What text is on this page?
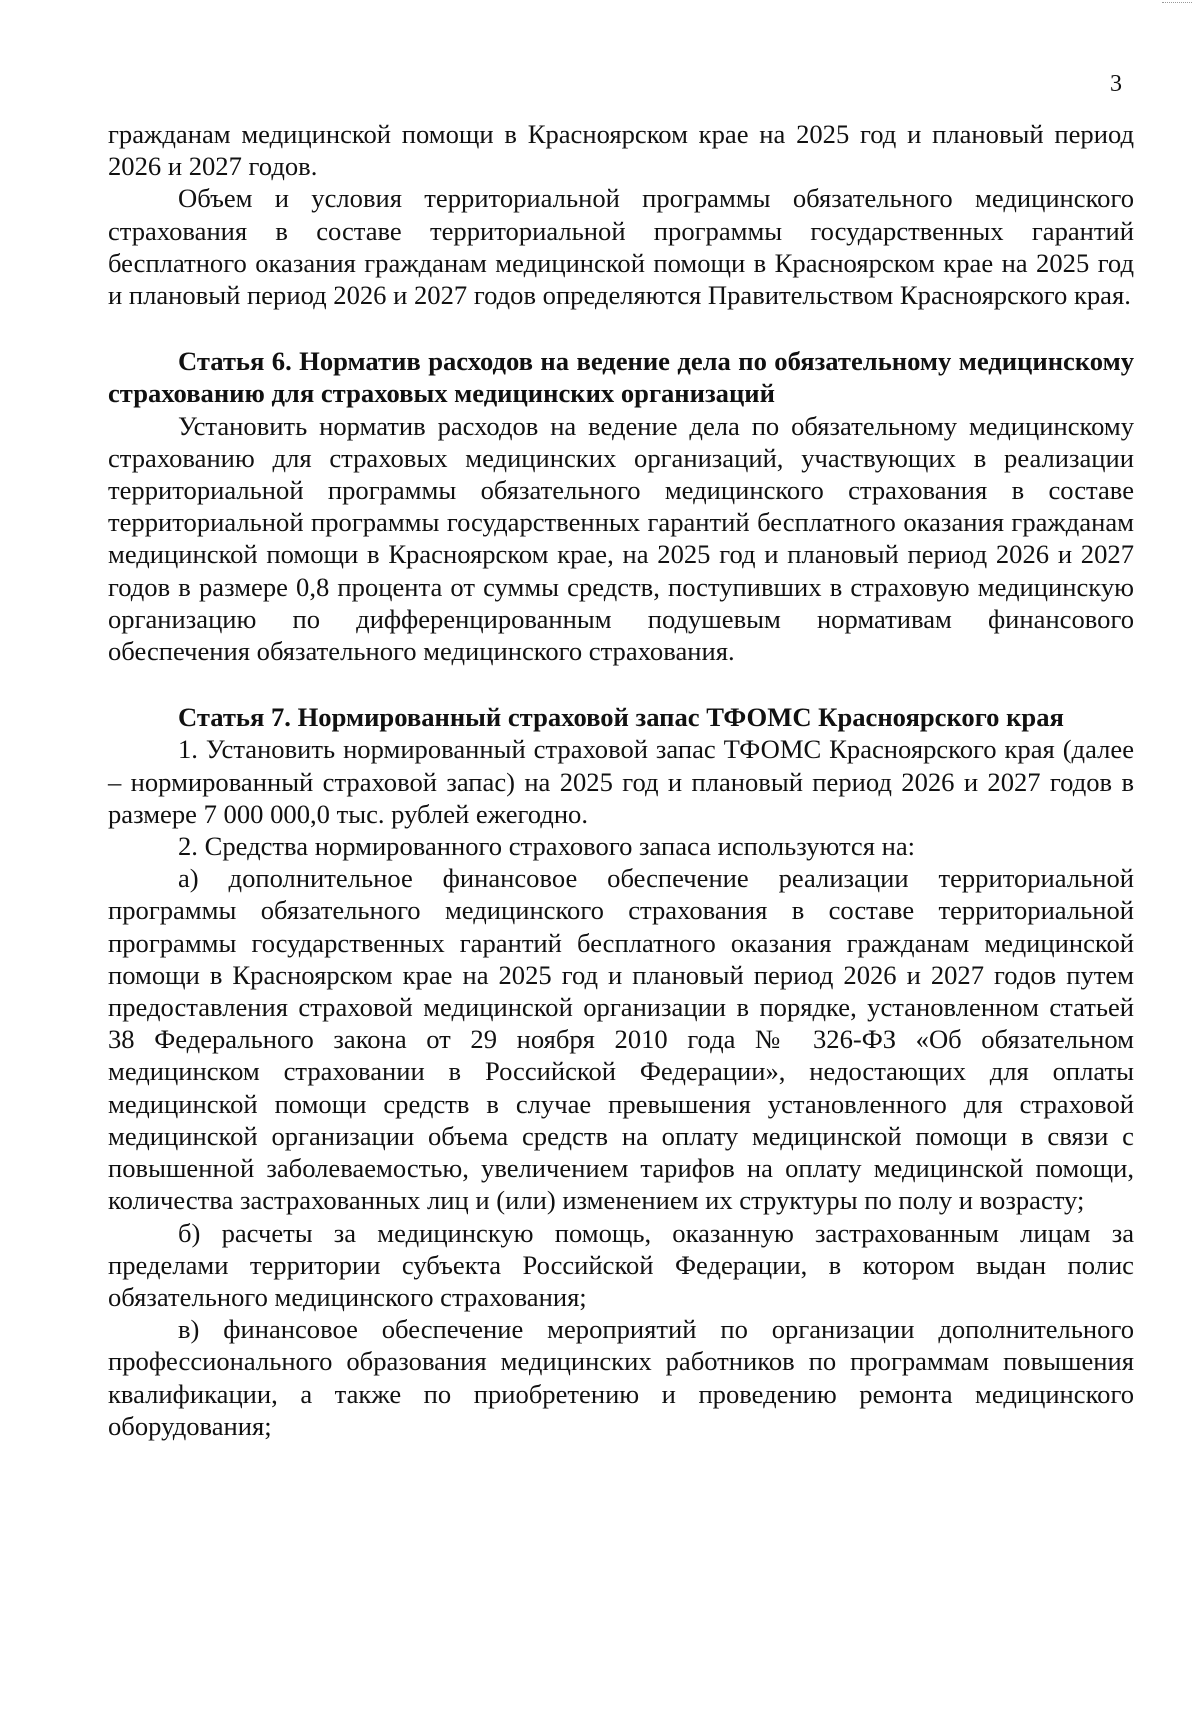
3

гражданам медицинской помощи в Красноярском крае на 2025 год и плановый период 2026 и 2027 годов.

Объем и условия территориальной программы обязательного медицинского страхования в составе территориальной программы государственных гарантий бесплатного оказания гражданам медицинской помощи в Красноярском крае на 2025 год и плановый период 2026 и 2027 годов определяются Правительством Красноярского края.

Статья 6. Норматив расходов на ведение дела по обязательному медицинскому страхованию для страховых медицинских организаций

Установить норматив расходов на ведение дела по обязательному медицинскому страхованию для страховых медицинских организаций, участвующих в реализации территориальной программы обязательного медицинского страхования в составе территориальной программы государственных гарантий бесплатного оказания гражданам медицинской помощи в Красноярском крае, на 2025 год и плановый период 2026 и 2027 годов в размере 0,8 процента от суммы средств, поступивших в страховую медицинскую организацию по дифференцированным подушевым нормативам финансового обеспечения обязательного медицинского страхования.

Статья 7. Нормированный страховой запас ТФОМС Красноярского края

1. Установить нормированный страховой запас ТФОМС Красноярского края (далее – нормированный страховой запас) на 2025 год и плановый период 2026 и 2027 годов в размере 7 000 000,0 тыс. рублей ежегодно.

2. Средства нормированного страхового запаса используются на:

а) дополнительное финансовое обеспечение реализации территориальной программы обязательного медицинского страхования в составе территориальной программы государственных гарантий бесплатного оказания гражданам медицинской помощи в Красноярском крае на 2025 год и плановый период 2026 и 2027 годов путем предоставления страховой медицинской организации в порядке, установленном статьей 38 Федерального закона от 29 ноября 2010 года № 326-ФЗ «Об обязательном медицинском страховании в Российской Федерации», недостающих для оплаты медицинской помощи средств в случае превышения установленного для страховой медицинской организации объема средств на оплату медицинской помощи в связи с повышенной заболеваемостью, увеличением тарифов на оплату медицинской помощи, количества застрахованных лиц и (или) изменением их структуры по полу и возрасту;

б) расчеты за медицинскую помощь, оказанную застрахованным лицам за пределами территории субъекта Российской Федерации, в котором выдан полис обязательного медицинского страхования;

в) финансовое обеспечение мероприятий по организации дополнительного профессионального образования медицинских работников по программам повышения квалификации, а также по приобретению и проведению ремонта медицинского оборудования;
